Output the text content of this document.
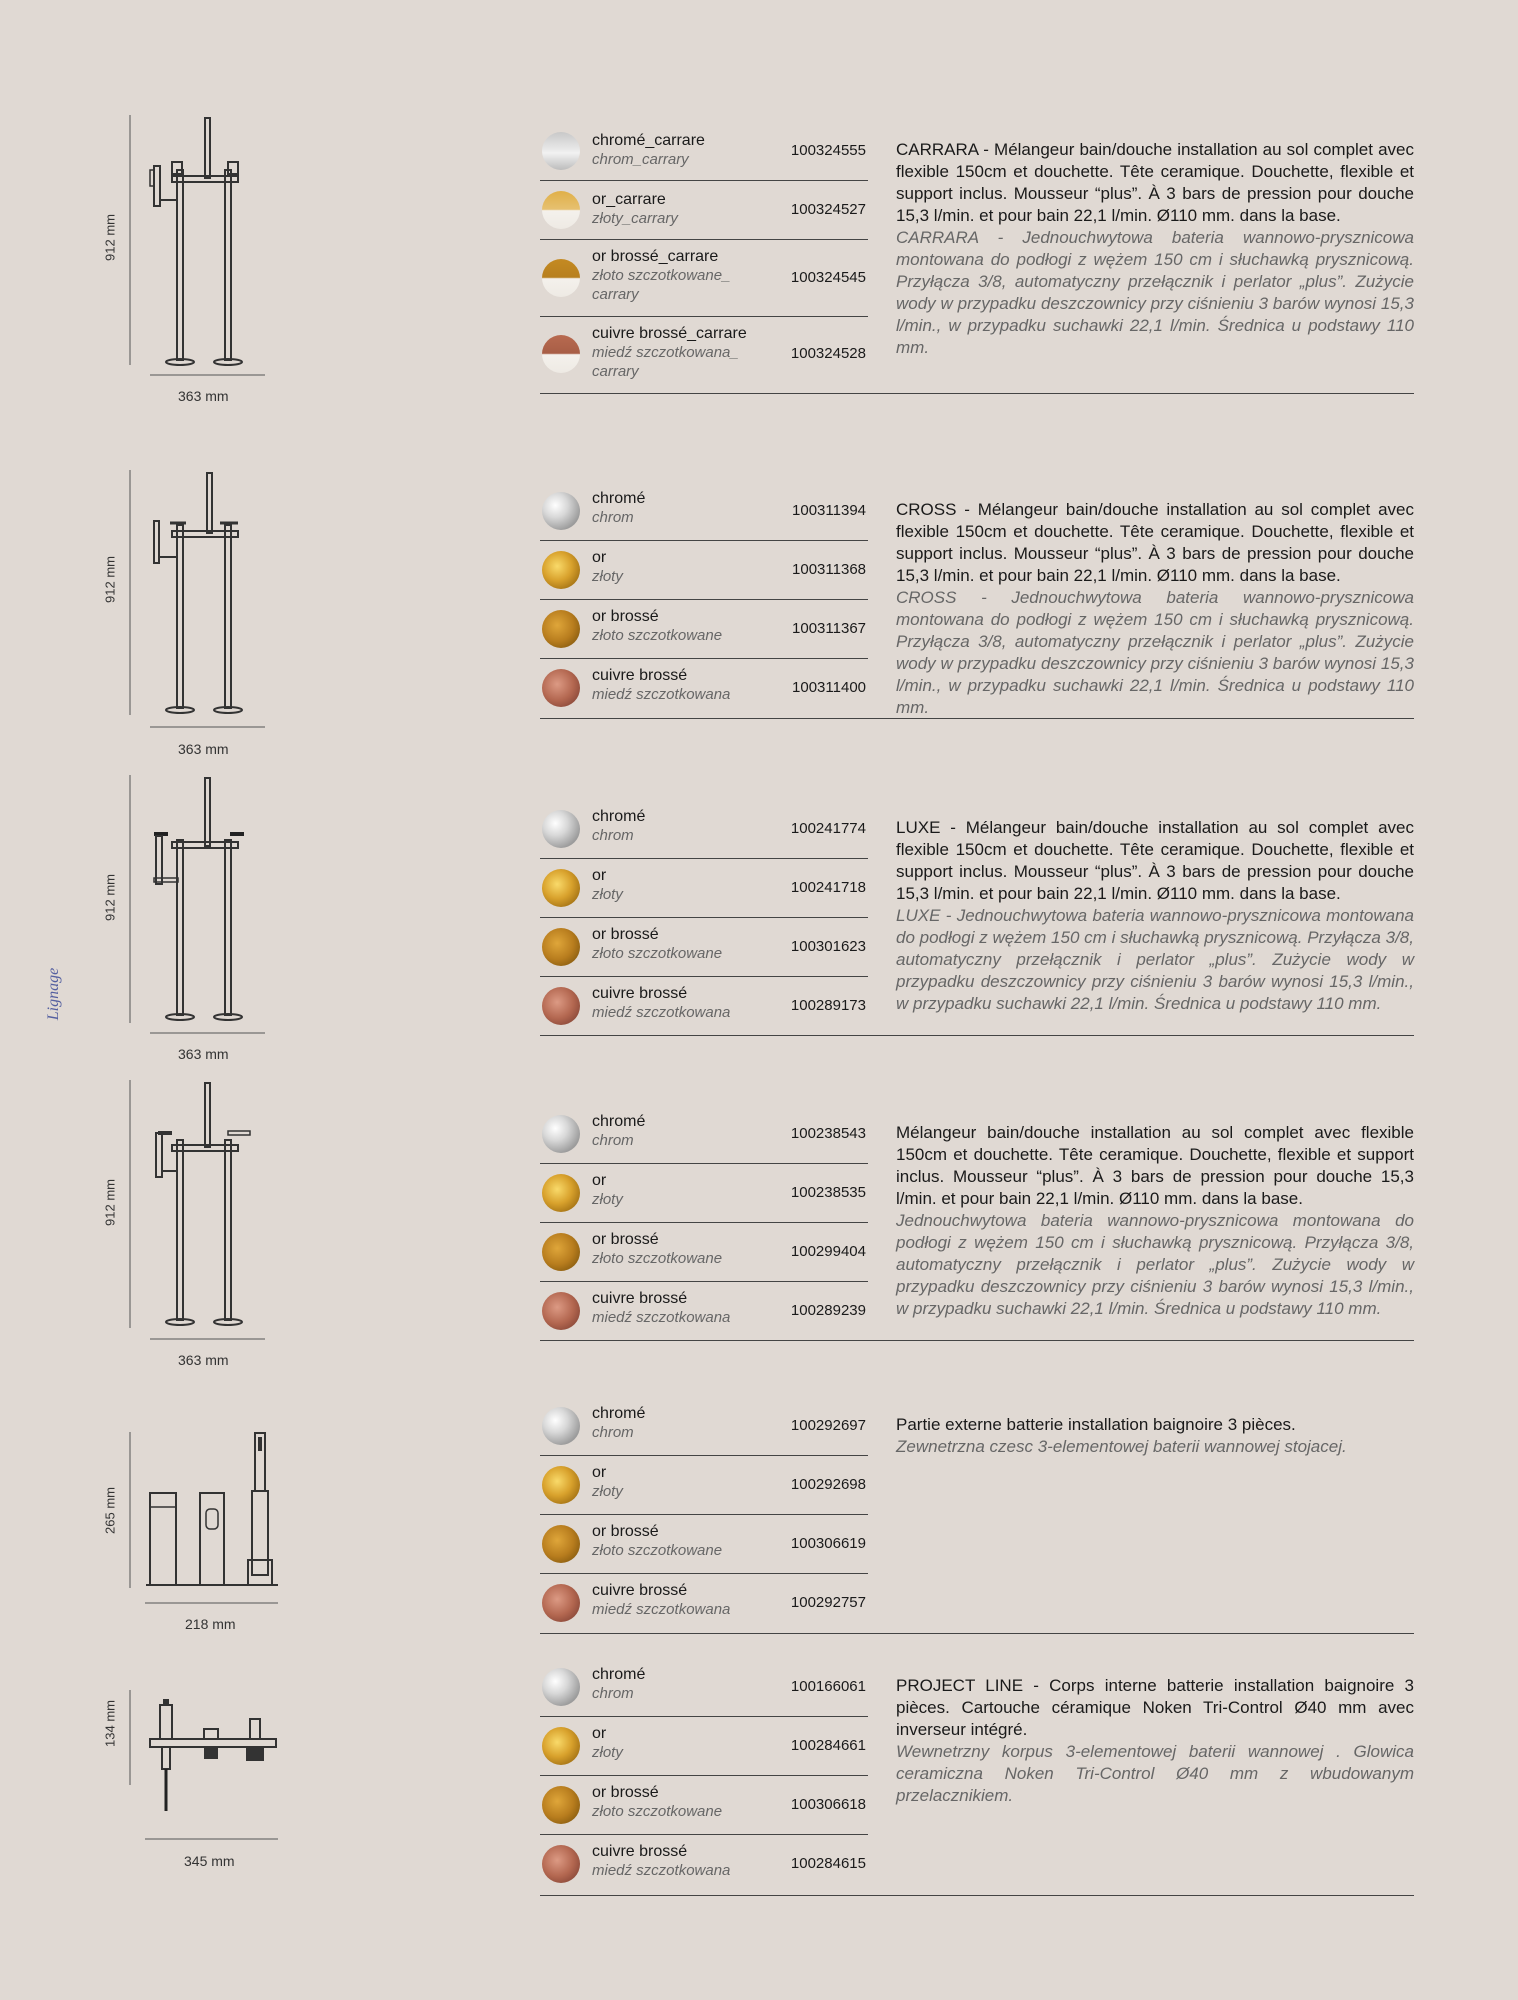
Lignage
912 mm
363 mm
chromé_carrare
chrom_carrary
100324555
or_carrare
złoty_carrary
100324527
or brossé_carrare
złoto szczotkowane_ carrary
100324545
cuivre brossé_carrare
miedź szczotkowana_ carrary
100324528
CARRARA - Mélangeur bain/douche installation au sol complet avec flexible 150cm et douchette. Tête ceramique. Douchette, flexible et support inclus. Mousseur “plus”. À 3 bars de pression pour douche 15,3 l/min. et pour bain 22,1 l/min. Ø110 mm. dans la base.
CARRARA - Jednouchwytowa bateria wannowo-prysznicowa montowana do podłogi z wężem 150 cm i słuchawką prysznicową. Przyłącza 3/8, automatyczny przełącznik i perlator „plus”. Zużycie wody w przypadku deszczownicy przy ciśnieniu 3 barów wynosi 15,3 l/min., w przypadku suchawki 22,1 l/min. Średnica u podstawy 110 mm.
912 mm
363 mm
chromé
chrom	100311394
or
złoty	100311368
or brossé
złoto szczotkowane	100311367
cuivre brossé
miedź szczotkowana	100311400
CROSS - Mélangeur bain/douche installation au sol complet avec flexible 150cm et douchette. Tête ceramique. Douchette, flexible et support inclus. Mousseur “plus”. À 3 bars de pression pour douche 15,3 l/min. et pour bain 22,1 l/min. Ø110 mm. dans la base.
CROSS - Jednouchwytowa bateria wannowo-prysznicowa montowana do podłogi z wężem 150 cm i słuchawką prysznicową. Przyłącza 3/8, automatyczny przełącznik i perlator „plus”. Zużycie wody w przypadku deszczownicy przy ciśnieniu 3 barów wynosi 15,3 l/min., w przypadku suchawki 22,1 l/min. Średnica u podstawy 110 mm.
912 mm
363 mm
chromé
chrom	100241774
or
złoty	100241718
or brossé
złoto szczotkowane	100301623
cuivre brossé
miedź szczotkowana	100289173
LUXE - Mélangeur bain/douche installation au sol complet avec flexible 150cm et douchette. Tête ceramique. Douchette, flexible et support inclus. Mousseur “plus”. À 3 bars de pression pour douche 15,3 l/min. et pour bain 22,1 l/min. Ø110 mm. dans la base.
LUXE - Jednouchwytowa bateria wannowo-prysznicowa montowana do podłogi z wężem 150 cm i słuchawką prysznicową. Przyłącza 3/8, automatyczny przełącznik i perlator „plus”. Zużycie wody w przypadku deszczownicy przy ciśnieniu 3 barów wynosi 15,3 l/min., w przypadku suchawki 22,1 l/min. Średnica u podstawy 110 mm.
912 mm
363 mm
chromé
chrom	100238543
or
złoty	100238535
or brossé
złoto szczotkowane	100299404
cuivre brossé
miedź szczotkowana	100289239
Mélangeur bain/douche installation au sol complet avec flexible 150cm et douchette. Tête ceramique. Douchette, flexible et support inclus. Mousseur “plus”. À 3 bars de pression pour douche 15,3 l/min. et pour bain 22,1 l/min. Ø110 mm. dans la base.
Jednouchwytowa bateria wannowo-prysznicowa montowana do podłogi z wężem 150 cm i słuchawką prysznicową. Przyłącza 3/8, automatyczny przełącznik i perlator „plus”. Zużycie wody w przypadku deszczownicy przy ciśnieniu 3 barów wynosi 15,3 l/min., w przypadku suchawki 22,1 l/min. Średnica u podstawy 110 mm.
265 mm
218 mm
chromé
chrom	100292697
or
złoty	100292698
or brossé
złoto szczotkowane	100306619
cuivre brossé
miedź szczotkowana	100292757
Partie externe batterie installation baignoire 3 pièces.
Zewnetrzna czesc 3-elementowej baterii wannowej stojacej.
134 mm
345 mm
chromé
chrom	100166061
or
złoty	100284661
or brossé
złoto szczotkowane	100306618
cuivre brossé
miedź szczotkowana	100284615
PROJECT LINE - Corps interne batterie installation baignoire 3 pièces. Cartouche céramique Noken Tri-Control Ø40 mm avec inverseur intégré.
Wewnetrzny korpus 3-elementowej baterii wannowej . Glowica ceramiczna Noken Tri-Control Ø40 mm z wbudowanym przelacznikiem.
